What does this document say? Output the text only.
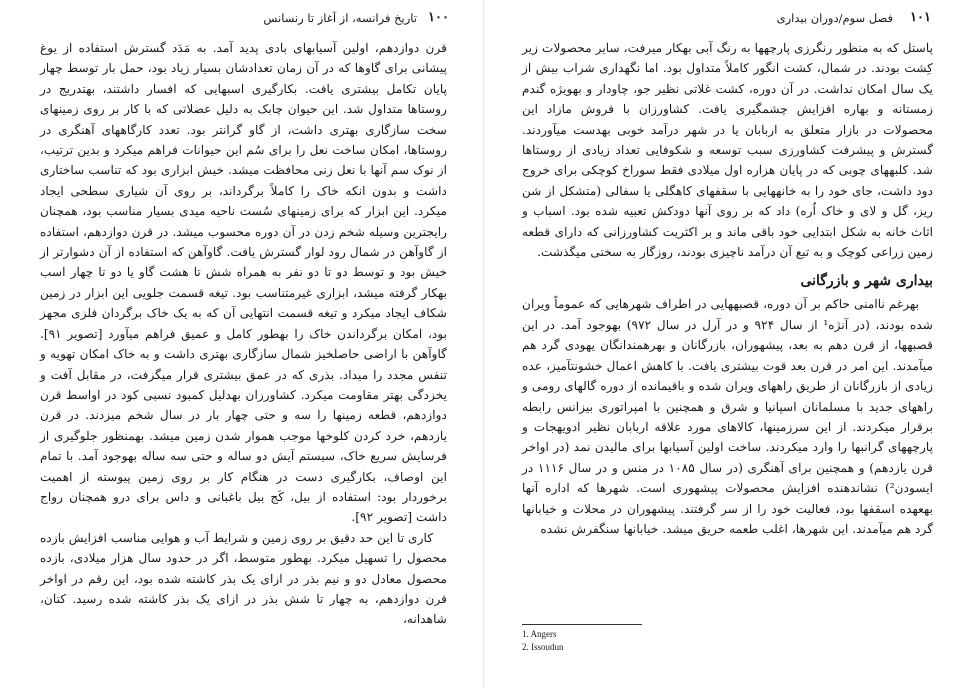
۱۰۰
تاریخ فرانسه، از آغاز تا رنسانس

قرن دوازدهم، اولین آسیابهای بادی پدید آمد. به مَدَد گسترش استفاده از یوغ پیشانی برای گاوها که در آن زمان تعدادشان بسیار زیاد بود، حمل بار توسط چهار پایان تکامل بیشتری یافت. بکارگیری اسبهایی که افسار داشتند، بهتدریج در روستاها متداول شد. این حیوان چابک به دلیل عضلاتی که با کار بر روی زمینهای سخت سازگاری بهتری داشت، از گاو گرانتر بود. تعدد کارگاههای آهنگری در روستاها، امکان ساخت نعل را برای سُم این حیوانات فراهم میکرد و بدین ترتیب، از نوک سم آنها با نعل زنی محافظت میشد. خیش ابزاری بود که تناسب ساختاری داشت و بدون انکه خاک را کاملاً برگرداند، بر روی آن شیاری سطحی ایجاد میکرد. این ابزار که برای زمینهای سُست ناحیه میدی بسیار مناسب بود، همچنان رایجترین وسیله شخم زدن در آن دوره محسوب میشد. در قرن دوازدهم، استفاده از گاوآهن در شمال رود لوار گسترش یافت. گاوآهن که استفاده از آن دشوارتر از خیش بود و توسط دو تا دو نفر به همراه شش تا هشت گاو یا دو تا چهار اسب بهکار گرفته میشد، ابزاری غیرمتناسب بود. تیغه قسمت جلویی این ابزار در زمین شکاف ایجاد میکرد و تیغه قسمت انتهایی آن که به یک خاک برگردان فلزی مجهز بود، امکان برگرداندن خاک را بهطور کامل و عمیق فراهم میآورد [تصویر ۹۱]. گاوآهن با اراضی حاصلخیز شمال سازگاری بهتری داشت و به خاک امکان تهویه و تنفس مجدد را میداد. بذری که در عمق بیشتری قرار میگرفت، در مقابل آفت و یخزدگی بهتر مقاومت میکرد. کشاورزان بهدلیل کمبود نسبی کود در اواسط قرن دوازدهم، قطعه زمینها را سه و حتی چهار بار در سال شخم میزدند. در قرن یازدهم، خرد کردن کلوخها موجب هموار شدن زمین میشد. بهمنظور جلوگیری از فرسایش سریع خاک، سیستم آیش دو ساله و حتی سه ساله بهوجود آمد. با تمام این اوصاف، بکارگیری دست در هنگام کار بر روی زمین پیوسته از اهمیت برخوردار بود: استفاده از بیل، کَج بیل باغبانی و داس برای درو همچنان رواج داشت [تصویر ۹۲].

کاری تا این حد دقیق بر روی زمین و شرایط آب و هوایی مناسب افزایش بازده محصول را تسهیل میکرد. بهطور متوسط، اگر در حدود سال هزار میلادی، بازده محصول معادل دو و نیم بذر در ازای یک بذر کاشته شده بود، این رقم در اواخر قرن دوازدهم، به چهار تا شش بذر در ازای یک بذر کاشته شده رسید. کتان، شاهدانه،

۱۰۱
فصل سوم/دوران بیداری

پاستل که به منظور رنگرزی پارچهها به رنگ آبی بهکار میرفت، سایر محصولات زیر کِشت بودند. در شمال، کشت انگور کاملاً متداول بود. اما نگهداری شراب بیش از یک سال امکان نداشت. در آن دوره، کشت غلاتی نظیر جو، چاودار و بهویژه گندم زمستانه و بهاره افزایش چشمگیری یافت. کشاورزان با فروش مازاد این محصولات در بازار متعلق به اربابان یا در شهر درآمد خوبی بهدست میآوردند. گسترش و پیشرفت کشاورزی سبب توسعه و شکوفایی تعداد زیادی از روستاها شد. کلبههای چوبی که در پایان هزاره اول میلادی فقط سوراخ کوچکی برای خروج دود داشت، جای خود را به خانههایی با سقفهای کاهگلی یا سفالی (متشکل از شن ریز، گل و لای و خاک اُره) داد که بر روی آنها دودکش تعبیه شده بود. اسباب و اثاث خانه به شکل ابتدایی خود باقی ماند و بر اکثریت کشاورزانی که دارای قطعه زمین زراعی کوچک و به تبع آن درآمد ناچیزی بودند، روزگار به سختی میگذشت.

بیداری شهر و بازرگانی

بهرغم ناامنی حاکم بر آن دوره، قصبههایی در اطراف شهرهایی که عموماً ویران شده بودند، (در آنژه¹ از سال ۹۲۴ و در آرل در سال ۹۷۲) بهوجود آمد. در این قصبهها، از قرن دهم به بعد، پیشهوران، بازرگانان و بهرهمندانگان یهودی گرد هم میآمدند. این امر در قرن بعد قوت بیشتری یافت. با کاهش اعمال خشونتآمیز، عده زیادی از بازرگانان از طریق راههای ویران شده و باقیمانده از دوره گالهای رومی و راههای جدید با مسلمانان اسپانیا و شرق و همچنین با امپراتوری بیزانس رابطه برقرار میکردند. از این سرزمینها، کالاهای مورد علاقه اربابان نظیر ادویهجات و پارچههای گرانبها را وارد میکردند. ساخت اولین آسیابها برای مالیدن نمد (در اواخر قرن یازدهم) و همچنین برای آهنگری (در سال ۱۰۸۵ در منس و در سال ۱۱۱۶ در ایسودن²) نشاندهنده افزایش محصولات پیشهوری است. شهرها که اداره آنها بهعهده اسقفها بود، فعالیت خود را از سر گرفتند. پیشهوران در محلات و خیابانها گرد هم میآمدند. این شهرها، اغلب طعمه حریق میشد. خیابانها سنگفرش نشده

1. Angers
2. Issoudun
